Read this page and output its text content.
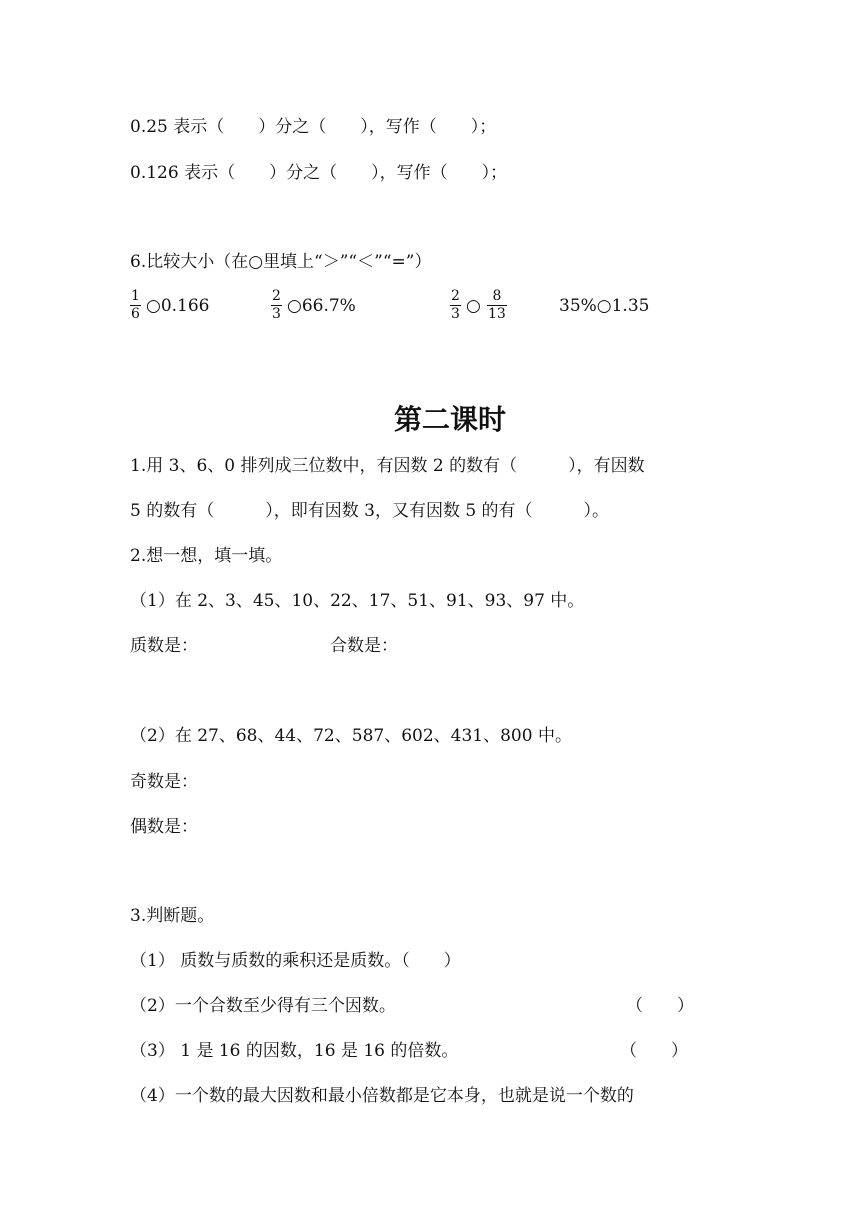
0.25 表示（　　）分之（　　），写作（　　）；
0.126 表示（　　）分之（　　），写作（　　）；
6.比较大小（在○里填上“＞”“＜”“=”）
1
6 ○0.166	2
3 ○66.7%	2
3 ○ 8
13	35%○1.35
第二课时
1.用 3、6、0 排列成三位数中，有因数 2 的数有（　　　），有因数
5 的数有（　　　），即有因数 3，又有因数 5 的有（　　　）。
2.想一想，填一填。
（1）在 2、3、45、10、22、17、51、91、93、97 中。
质数是：	合数是：
（2）在 27、68、44、72、587、602、431、800 中。
奇数是：
偶数是：
3.判断题。
（1） 质数与质数的乘积还是质数。（　　）
（2）一个合数至少得有三个因数。	（　　）
（3） 1 是 16 的因数，16 是 16 的倍数。	（　　）
（4）一个数的最大因数和最小倍数都是它本身，也就是说一个数的
